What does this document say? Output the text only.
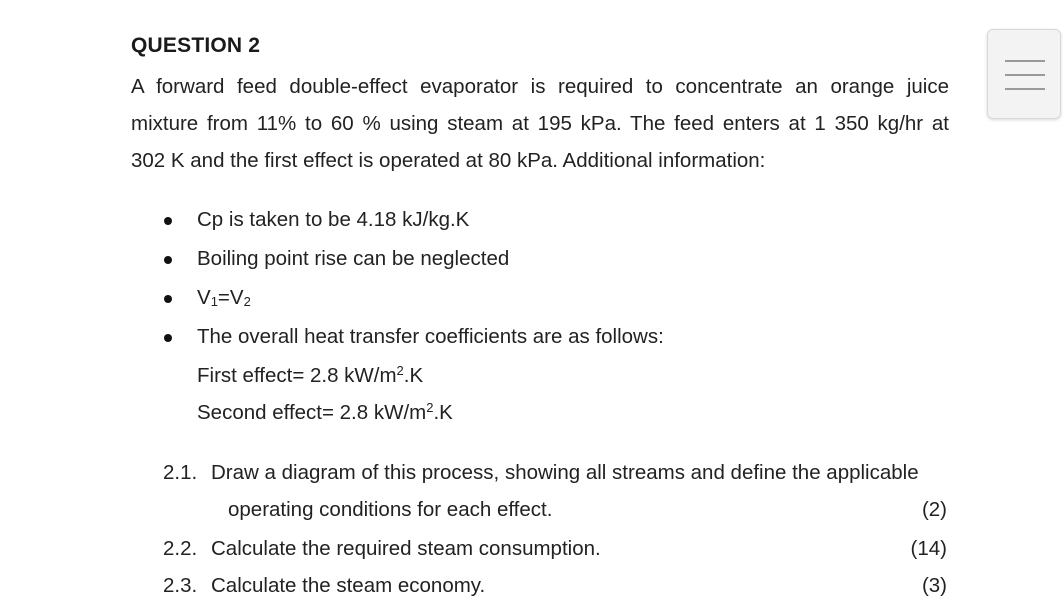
QUESTION 2
A forward feed double-effect evaporator is required to concentrate an orange juice
mixture from 11% to 60 % using steam at 195 kPa. The feed enters at 1 350 kg/hr at
302 K and the first effect is operated at 80 kPa. Additional information:
Cp is taken to be 4.18 kJ/kg.K
Boiling point rise can be neglected
V1=V2
The overall heat transfer coefficients are as follows:
First effect= 2.8 $kW/m^2.K$
Second effect= 2.8 $kW/m^2.K$
2.1. Draw a diagram of this process, showing all streams and define the applicable
operating conditions for each effect.	(2)
2.2. Calculate the required steam consumption.	(14)
2.3. Calculate the steam economy.	(3)
